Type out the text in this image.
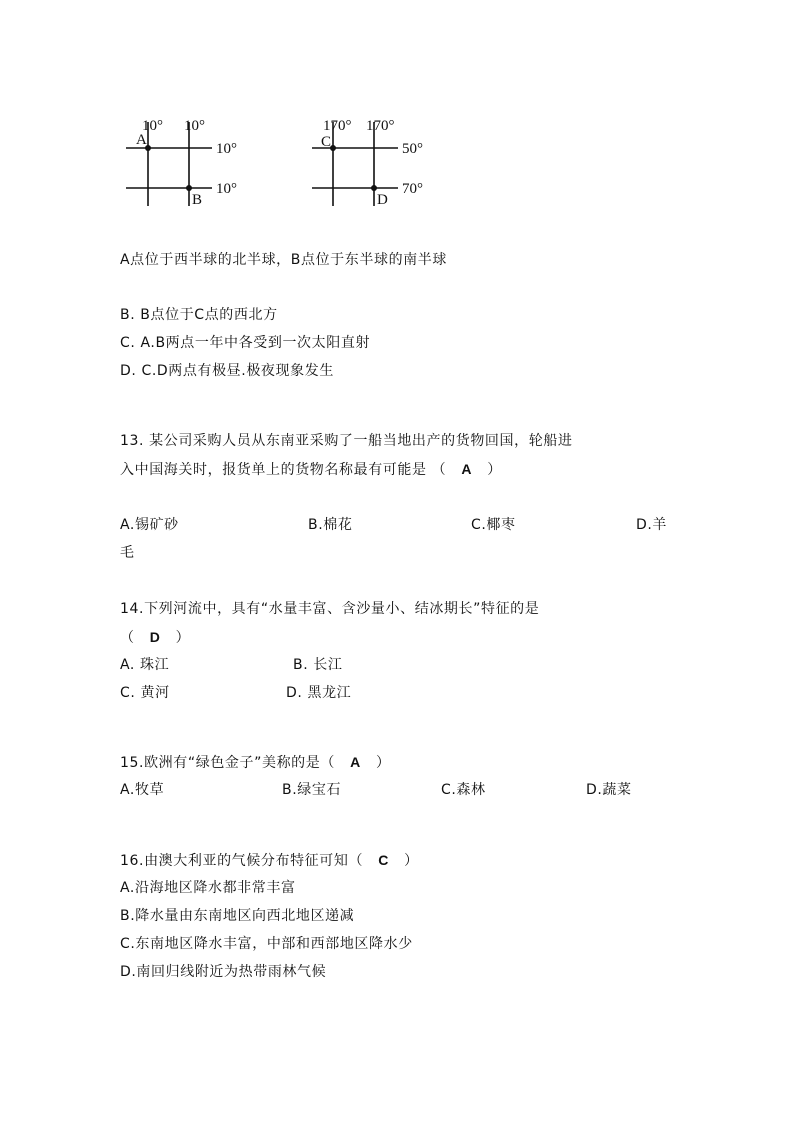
10° 10°
10°
10°
A
B
170° 170°
50°
70°
C
D
A点位于西半球的北半球，B点位于东半球的南半球
B. B点位于C点的西北方
C. A.B两点一年中各受到一次太阳直射
D. C.D两点有极昼.极夜现象发生
13. 某公司采购人员从东南亚采购了一船当地出产的货物回国，轮船进
入中国海关时，报货单上的货物名称最有可能是 （ A ）
A.锡矿砂	B.棉花	C.椰枣	D.羊
毛
14.下列河流中，具有“水量丰富、含沙量小、结冰期长”特征的是
（ D ）
A. 珠江	B. 长江
C. 黄河	D. 黑龙江
15.欧洲有“绿色金子”美称的是（ A ）
A.牧草	B.绿宝石	C.森林	D.蔬菜
16.由澳大利亚的气候分布特征可知（ C ）
A.沿海地区降水都非常丰富
B.降水量由东南地区向西北地区递减
C.东南地区降水丰富，中部和西部地区降水少
D.南回归线附近为热带雨林气候
